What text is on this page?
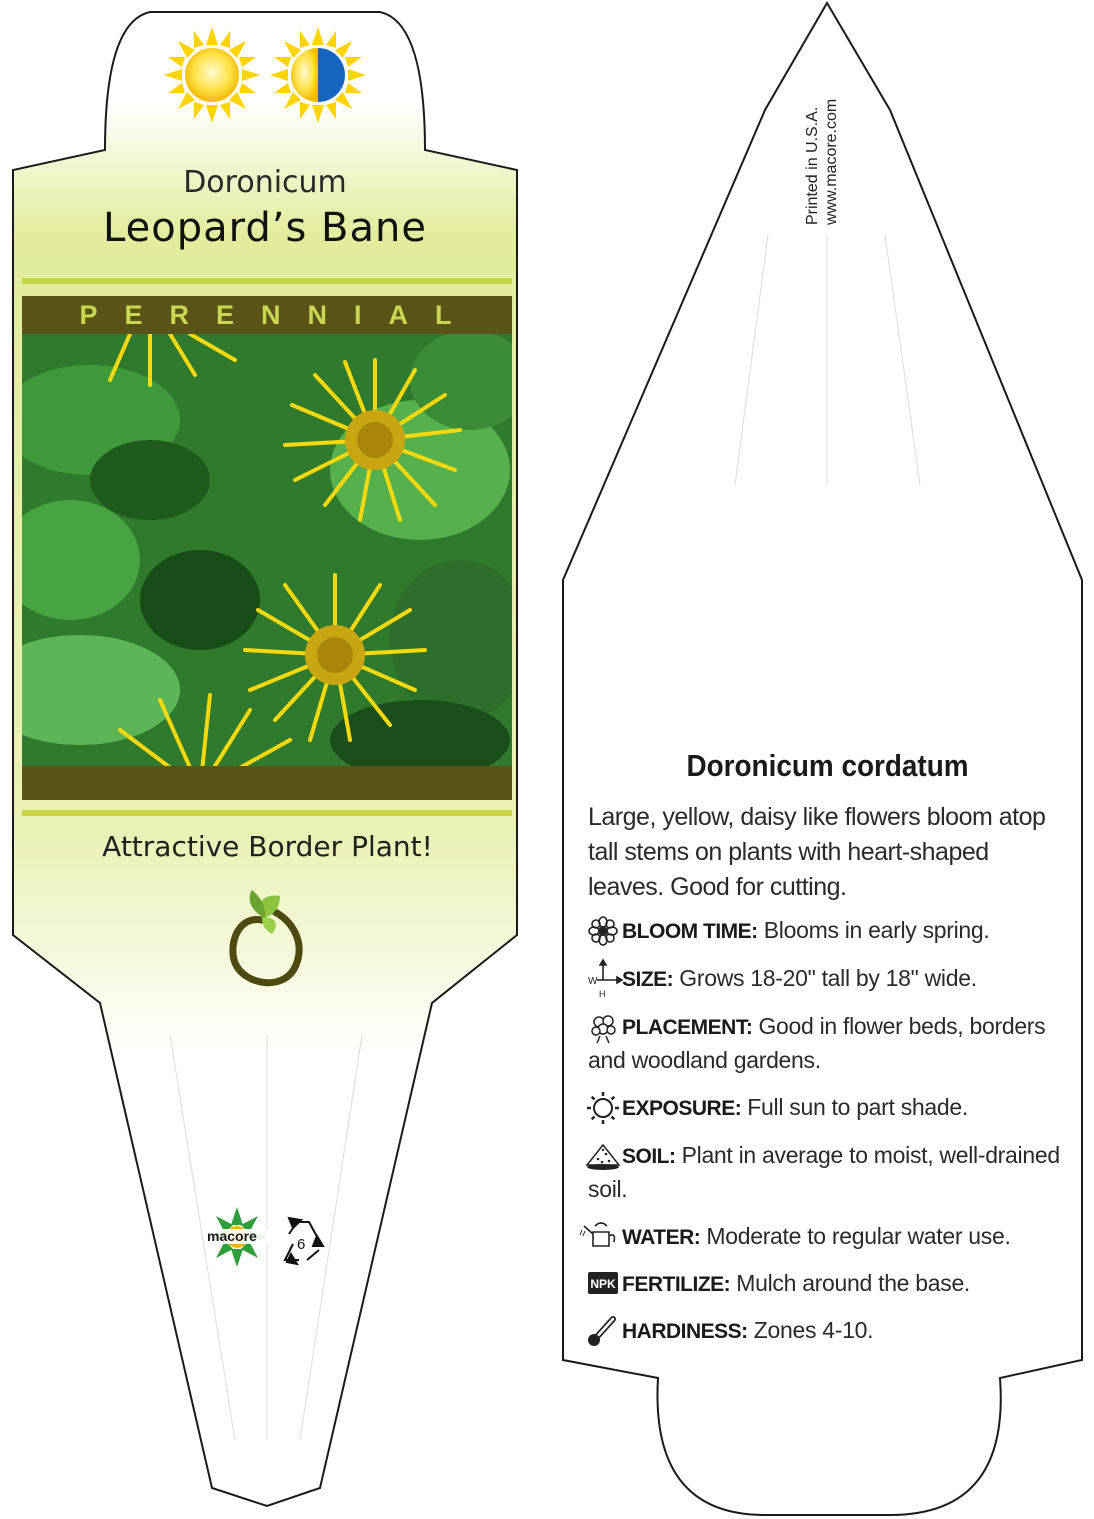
W
H
NPK
Doronicum
Leopard’s Bane
PERENNIAL
Attractive Border Plant!
macore	6
Printed in U.S.A. www.macore.com
Doronicum cordatum
Large, yellow, daisy like flowers bloom atop tall stems on plants with heart-shaped leaves. Good for cutting.
BLOOM TIME: Blooms in early spring.
SIZE: Grows 18-20" tall by 18" wide.
PLACEMENT: Good in flower beds, borders and woodland gardens.
EXPOSURE: Full sun to part shade.
SOIL: Plant in average to moist, well-drained soil.
WATER: Moderate to regular water use.
FERTILIZE: Mulch around the base.
HARDINESS: Zones 4-10.
